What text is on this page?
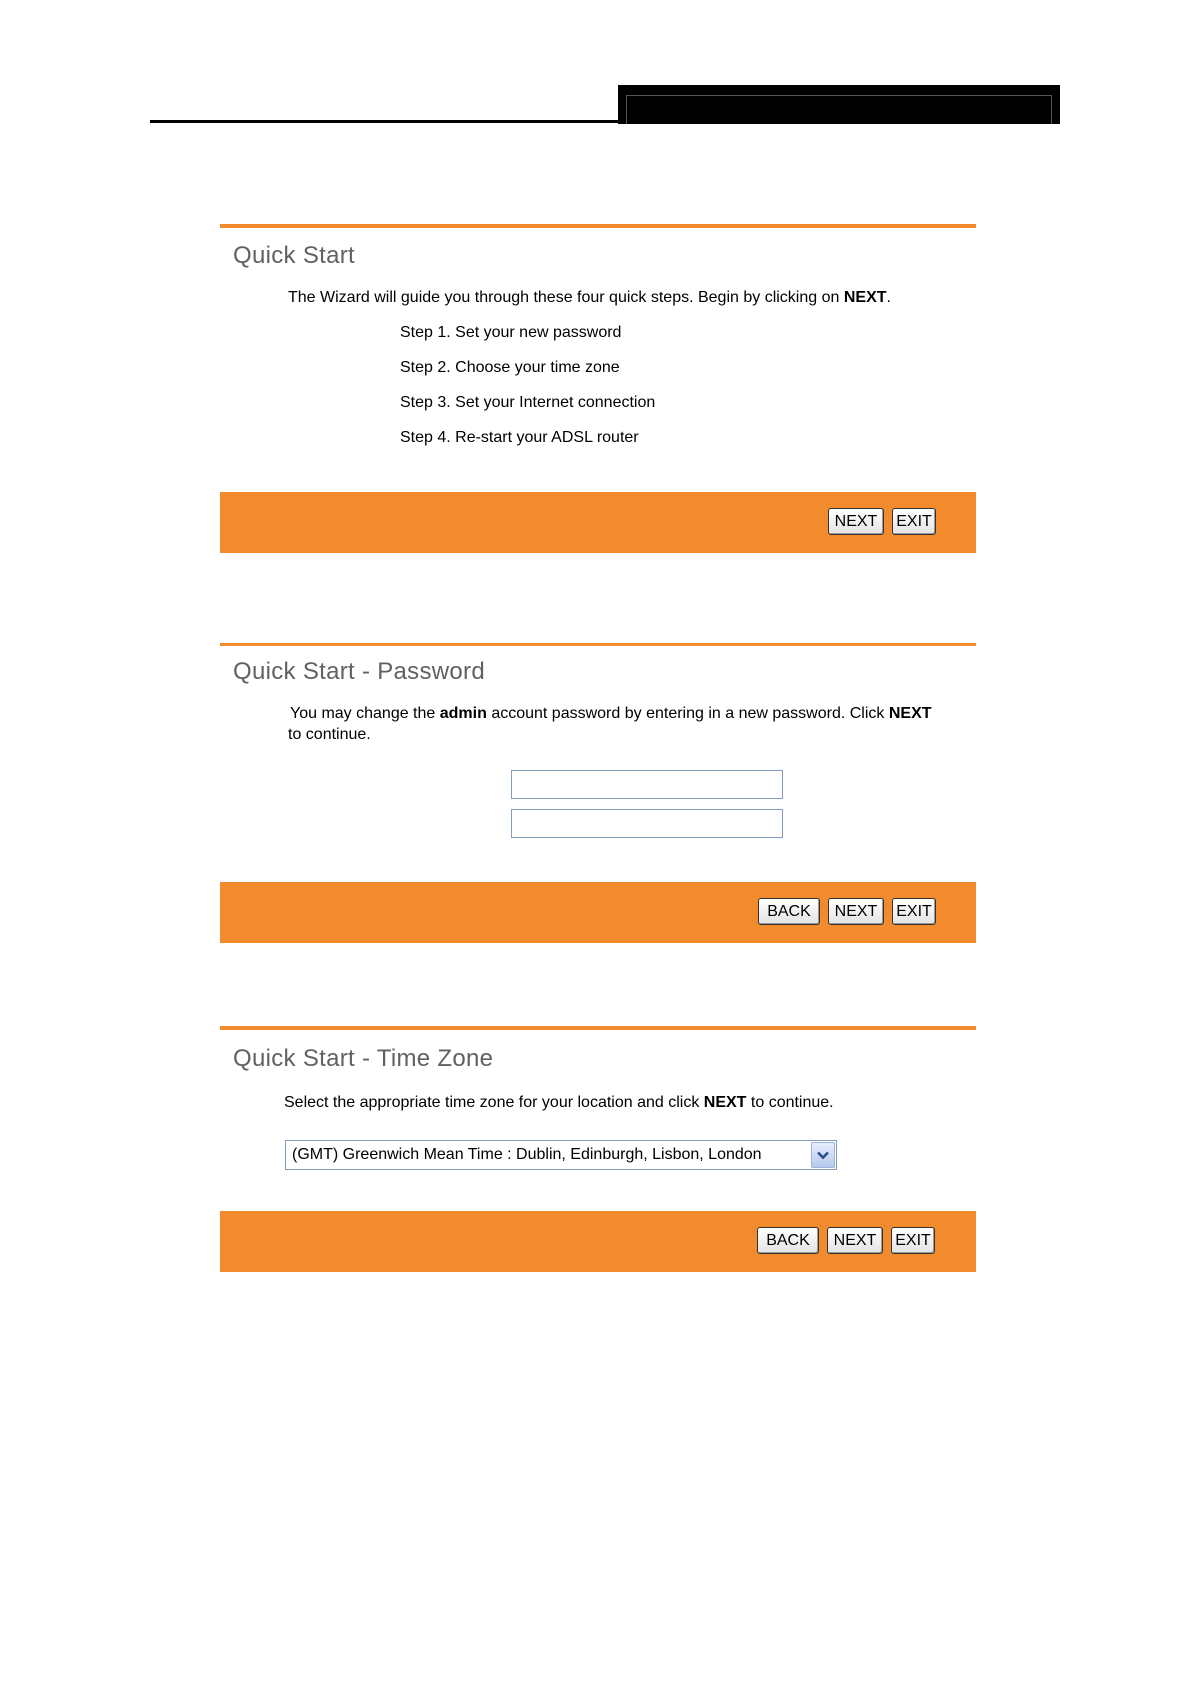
Quick Start
The Wizard will guide you through these four quick steps. Begin by clicking on NEXT.
Step 1. Set your new password
Step 2. Choose your time zone
Step 3. Set your Internet connection
Step 4. Re-start your ADSL router
NEXT	EXIT
Quick Start - Password
You may change the admin account password by entering in a new password. Click NEXT
to continue.
BACK	NEXT	EXIT
Quick Start - Time Zone
Select the appropriate time zone for your location and click NEXT to continue.
(GMT) Greenwich Mean Time : Dublin, Edinburgh, Lisbon, London
BACK	NEXT	EXIT
